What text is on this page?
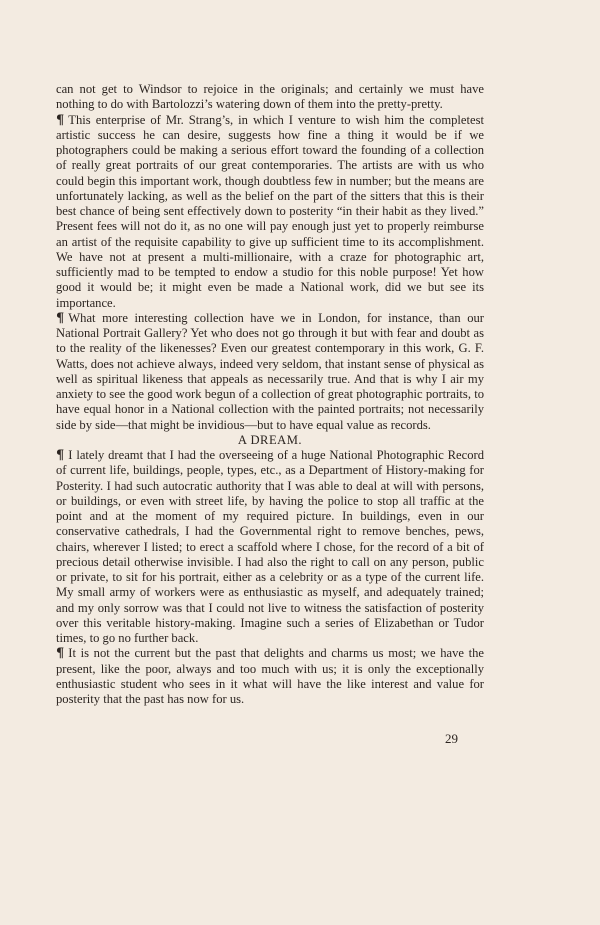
can not get to Windsor to rejoice in the originals; and certainly we must have nothing to do with Bartolozzi’s watering down of them into the pretty-pretty.

¶ This enterprise of Mr. Strang’s, in which I venture to wish him the completest artistic success he can desire, suggests how fine a thing it would be if we photographers could be making a serious effort toward the founding of a collection of really great portraits of our great contemporaries. The artists are with us who could begin this important work, though doubtless few in number; but the means are unfortunately lacking, as well as the belief on the part of the sitters that this is their best chance of being sent effectively down to posterity “in their habit as they lived.” Present fees will not do it, as no one will pay enough just yet to properly reimburse an artist of the requisite capability to give up sufficient time to its accomplishment. We have not at present a multi-millionaire, with a craze for photographic art, sufficiently mad to be tempted to endow a studio for this noble purpose! Yet how good it would be; it might even be made a National work, did we but see its importance.

¶ What more interesting collection have we in London, for instance, than our National Portrait Gallery? Yet who does not go through it but with fear and doubt as to the reality of the likenesses? Even our greatest contemporary in this work, G. F. Watts, does not achieve always, indeed very seldom, that instant sense of physical as well as spiritual likeness that appeals as necessarily true. And that is why I air my anxiety to see the good work begun of a collection of great photographic portraits, to have equal honor in a National collection with the painted portraits; not necessarily side by side—that might be invidious—but to have equal value as records.

A DREAM.

¶ I lately dreamt that I had the overseeing of a huge National Photographic Record of current life, buildings, people, types, etc., as a Department of History-making for Posterity. I had such autocratic authority that I was able to deal at will with persons, or buildings, or even with street life, by having the police to stop all traffic at the point and at the moment of my required picture. In buildings, even in our conservative cathedrals, I had the Governmental right to remove benches, pews, chairs, wherever I listed; to erect a scaffold where I chose, for the record of a bit of precious detail otherwise invisible. I had also the right to call on any person, public or private, to sit for his portrait, either as a celebrity or as a type of the current life. My small army of workers were as enthusiastic as myself, and adequately trained; and my only sorrow was that I could not live to witness the satisfaction of posterity over this veritable history-making. Imagine such a series of Elizabethan or Tudor times, to go no further back.

¶ It is not the current but the past that delights and charms us most; we have the present, like the poor, always and too much with us; it is only the exceptionally enthusiastic student who sees in it what will have the like interest and value for posterity that the past has now for us.

29
